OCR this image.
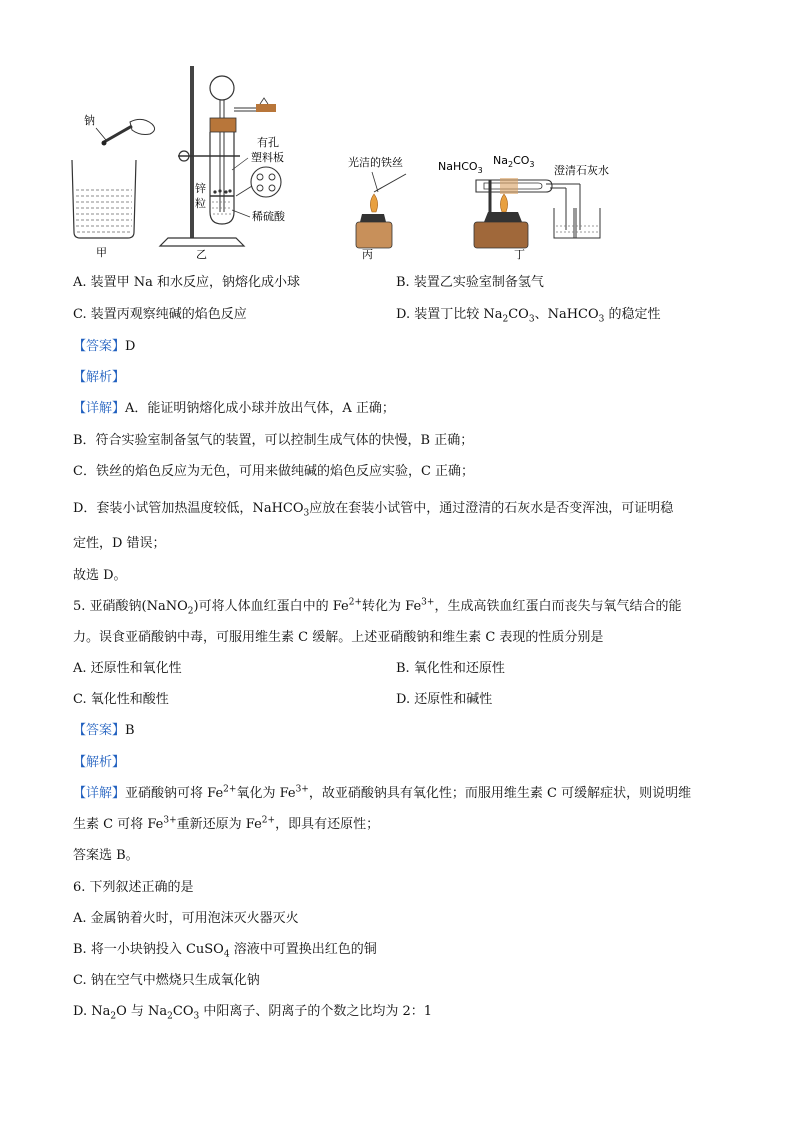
钠
甲
有孔
塑料板
锌
粒
稀硫酸
乙
光洁的铁丝
丙
NaHCO$_3$
$Na_2CO_3$ 澄清石灰水
丁
A. 装置甲 Na 和水反应，钠熔化成小球	B. 装置乙实验室制备氢气
C. 装置丙观察纯碱的焰色反应	D. 装置丁比较 $Na_2CO_3$、NaHCO$_3$ 的稳定性
【答案】D
【解析】
【详解】A．能证明钠熔化成小球并放出气体，A 正确；
B．符合实验室制备氢气的装置，可以控制生成气体的快慢，B 正确；
C．铁丝的焰色反应为无色，可用来做纯碱的焰色反应实验，C 正确；
D．套装小试管加热温度较低，NaHCO$_3$应放在套装小试管中，通过澄清的石灰水是否变浑浊，可证明稳
定性，D 错误；
故选 D。
5. 亚硝酸钠(NaNO$_2$)可将人体血红蛋白中的 $Fe^{2+}$转化为 $Fe^{3+}$，生成高铁血红蛋白而丧失与氧气结合的能
力。误食亚硝酸钠中毒，可服用维生素 C 缓解。上述亚硝酸钠和维生素 C 表现的性质分别是
A. 还原性和氧化性	B. 氧化性和还原性
C. 氧化性和酸性	D. 还原性和碱性
【答案】B
【解析】
【详解】亚硝酸钠可将 $Fe^{2+}$氧化为 $Fe^{3+}$，故亚硝酸钠具有氧化性；而服用维生素 C 可缓解症状，则说明维
生素 C 可将 $Fe^{3+}$重新还原为 $Fe^{2+}$，即具有还原性；
答案选 B。
6. 下列叙述正确的是
A. 金属钠着火时，可用泡沫灭火器灭火
B. 将一小块钠投入 CuSO$_4$ 溶液中可置换出红色的铜
C. 钠在空气中燃烧只生成氧化钠
D. $Na_2O$ 与 $Na_2CO_3$ 中阳离子、阴离子的个数之比均为 2：1
